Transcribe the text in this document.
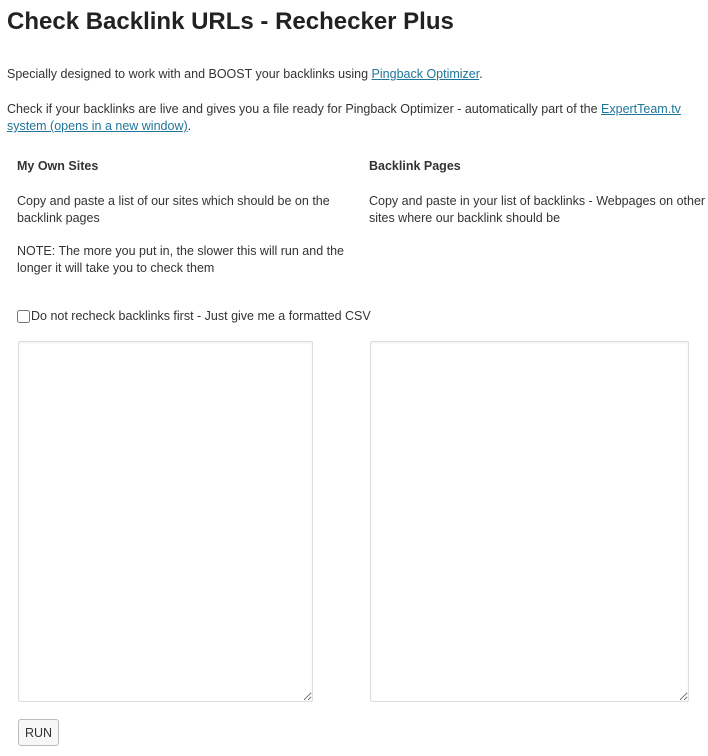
Check Backlink URLs - Rechecker Plus

Specially designed to work with and BOOST your backlinks using Pingback Optimizer.

Check if your backlinks are live and gives you a file ready for Pingback Optimizer - automatically part of the ExpertTeam.tv system (opens in a new window).

My Own Sites

Copy and paste a list of our sites which should be on the backlink pages

NOTE: The more you put in, the slower this will run and the longer it will take you to check them

Backlink Pages

Copy and paste in your list of backlinks - Webpages on other sites where our backlink should be

Do not recheck backlinks first - Just give me a formatted CSV
RUN
